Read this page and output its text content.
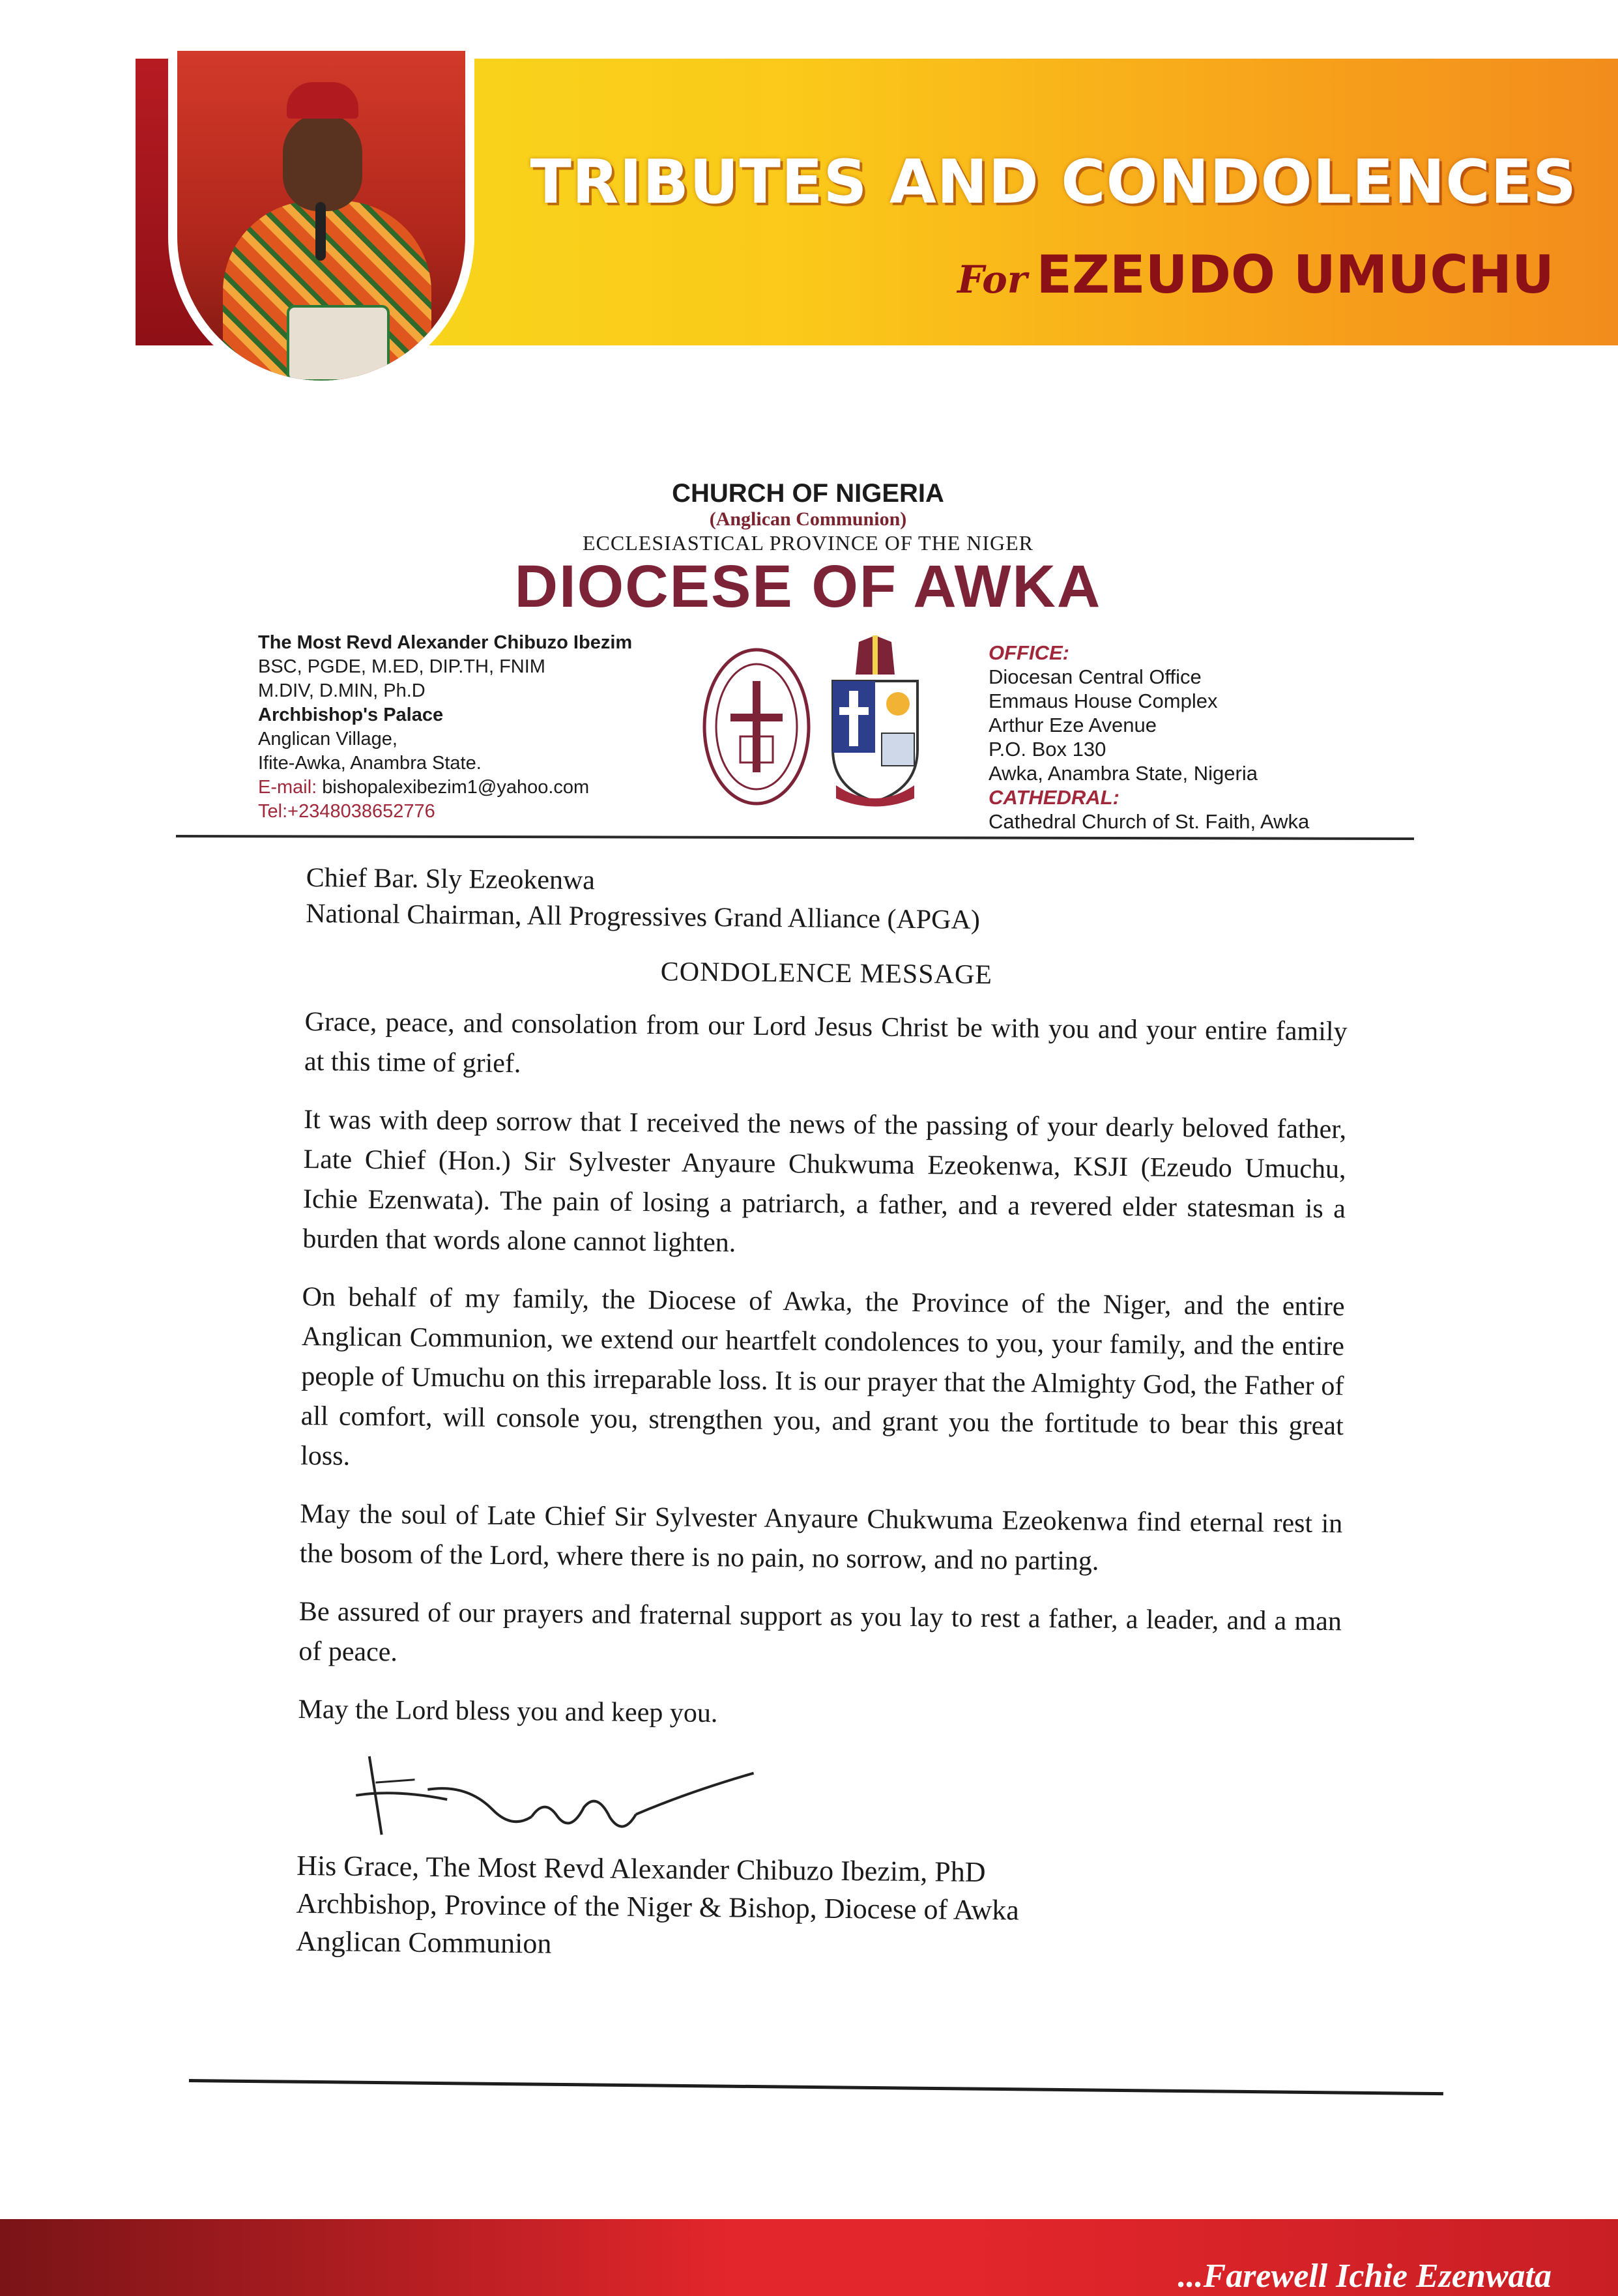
TRIBUTES AND CONDOLENCES
For EZEUDO UMUCHU
CHURCH OF NIGERIA
(Anglican Communion)
ECCLESIASTICAL PROVINCE OF THE NIGER
DIOCESE OF AWKA
The Most Revd Alexander Chibuzo Ibezim
BSC, PGDE, M.ED, DIP.TH, FNIM
M.DIV, D.MIN, Ph.D
Archbishop's Palace
Anglican Village,
Ifite-Awka, Anambra State.
E-mail: bishopalexibezim1@yahoo.com
Tel:+2348038652776
OFFICE:
Diocesan Central Office
Emmaus House Complex
Arthur Eze Avenue
P.O. Box 130
Awka, Anambra State, Nigeria
CATHEDRAL:
Cathedral Church of St. Faith, Awka
Chief Bar. Sly Ezeokenwa
National Chairman, All Progressives Grand Alliance (APGA)
CONDOLENCE MESSAGE
Grace, peace, and consolation from our Lord Jesus Christ be with you and your entire family at this time of grief.
It was with deep sorrow that I received the news of the passing of your dearly beloved father, Late Chief (Hon.) Sir Sylvester Anyaure Chukwuma Ezeokenwa, KSJI (Ezeudo Umuchu, Ichie Ezenwata). The pain of losing a patriarch, a father, and a revered elder statesman is a burden that words alone cannot lighten.
On behalf of my family, the Diocese of Awka, the Province of the Niger, and the entire Anglican Communion, we extend our heartfelt condolences to you, your family, and the entire people of Umuchu on this irreparable loss. It is our prayer that the Almighty God, the Father of all comfort, will console you, strengthen you, and grant you the fortitude to bear this great loss.
May the soul of Late Chief Sir Sylvester Anyaure Chukwuma Ezeokenwa find eternal rest in the bosom of the Lord, where there is no pain, no sorrow, and no parting.
Be assured of our prayers and fraternal support as you lay to rest a father, a leader, and a man of peace.
May the Lord bless you and keep you.
His Grace, The Most Revd Alexander Chibuzo Ibezim, PhD
Archbishop, Province of the Niger & Bishop, Diocese of Awka
Anglican Communion
...Farewell Ichie Ezenwata
